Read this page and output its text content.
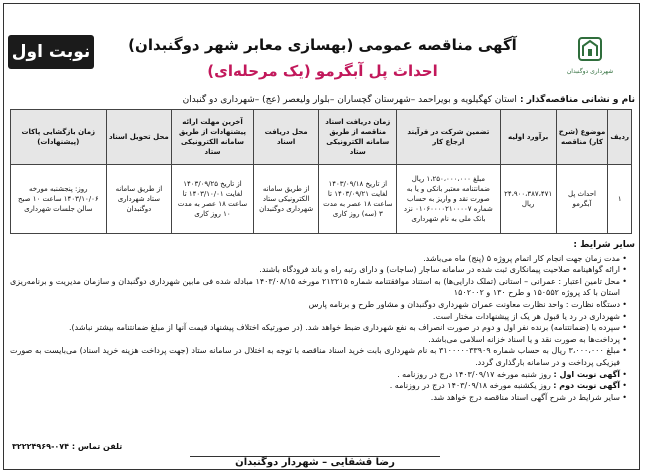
نوبت اول
شهرداری دوگنبدان
آگهی مناقصه عمومی (بهسازی معابر شهر دوگنبدان)
احداث پل آبگرمو (یک مرحله‌ای)
نام و نشانی مناقصه‌گذار : استان کهگیلویه و بویراحمد –شهرستان گچساران –بلوار ولیعصر (عج) –شهرداری دو گنبدان
ردیف	موضوع (شرح کار) مناقصه	برآورد اولیه	تضمین شرکت در فرآیند ارجاع کار	زمان دریافت اسناد مناقصه از طریق سامانه الکترونیکی ستاد	محل دریافت اسناد	آخرین مهلت ارائه پیشنهادات از طریق سامانه الکترونیکی ستاد	محل تحویل اسناد	زمان بازگشایی پاکات (پیشنهادات)
۱	احداث پل آبگرمو	۲۴،۹۰۰،۳۸۷،۴۷۱ ریال	مبلغ ۱،۲۵۰،۰۰۰،۰۰۰ ریال ضمانتنامه معتبر بانکی و یا به صورت نقد و واریز به حساب شماره ۰۱۰۶۰۰۰۰۲۱۰۰۰۰۷ نزد بانک ملی به نام شهرداری	از تاریخ ۱۴۰۳/۰۹/۱۸ لغایت ۱۴۰۳/۰۹/۲۱ تا ساعت ۱۸ عصر به مدت ۳ (سه) روز کاری	از طریق سامانه الکترونیکی ستاد شهرداری دوگنبدان	از تاریخ ۱۴۰۳/۰۹/۲۵ لغایت ۱۴۰۳/۱۰/۰۱ تا ساعت ۱۸ عصر به مدت ۱۰ روز کاری	از طریق سامانه ستاد شهرداری دوگنبدان	روز: پنجشنبه مورخه ۱۴۰۳/۱۰/۰۶ ساعت ۱۰ صبح سالن جلسات شهرداری
سایر شرایط :
• مدت زمان جهت انجام کار اتمام پروژه ۵ (پنج) ماه می‌باشد.
• ارائه گواهینامه صلاحیت پیمانکاری ثبت شده در سامانه ساجار (ساجات) و دارای رتبه راه و باند فرودگاه باشند.
• محل تامین اعتبار : عمرانی – استانی (تملک دارایی‌ها) به استناد موافقتنامه شماره ۲۱۲۲۱۵ مورخه ۱۴۰۳/۰۸/۱۵ مبادله شده فی مابین شهرداری دوگنبدان و سازمان مدیریت و برنامه‌ریزی استان با کد پروژه ۱۵۰۵۵۲ و طرح ۱۳۰ و ۱۵۰۲۰۰۲
• دستگاه نظارت : واحد نظارت معاونت عمران شهرداری دوگنبدان و مشاور طرح و برنامه پارس
• شهرداری در رد یا قبول هر یک از پیشنهادات مختار است.
• سپرده با (ضمانتنامه) برنده نفر اول و دوم در صورت انصراف به نفع شهرداری ضبط خواهد شد. (در صورتیکه اختلاف پیشنهاد قیمت آنها از مبلغ ضمانتنامه بیشتر نباشد).
• پرداخت‌ها به صورت نقد و یا اسناد خزانه اسلامی می‌باشد.
• مبلغ ۳،۰۰۰،۰۰۰ ریال به حساب شماره ۳۱۰۰۰۰۰۳۳۹۰۹ به نام شهرداری بابت خرید اسناد مناقصه با توجه به اختلال در سامانه ستاد (جهت پرداخت هزینه خرید اسناد) می‌بایست به صورت فیزیکی پرداخت و در سامانه بارگذاری گردد.
• آگهی نوبت اول : روز شنبه مورخه ۱۴۰۳/۰۹/۱۷ درج در روزنامه .
• آگهی نوبت دوم : روز یکشنبه مورخه ۱۴۰۳/۰۹/۱۸ درج در روزنامه .
• سایر شرایط در شرح آگهی اسناد مناقصه درج خواهد شد.
تلفن تماس : ۰۷۴-۳۲۲۲۴۹۶۹
رضا قشقایی – شهردار دوگنبدان
